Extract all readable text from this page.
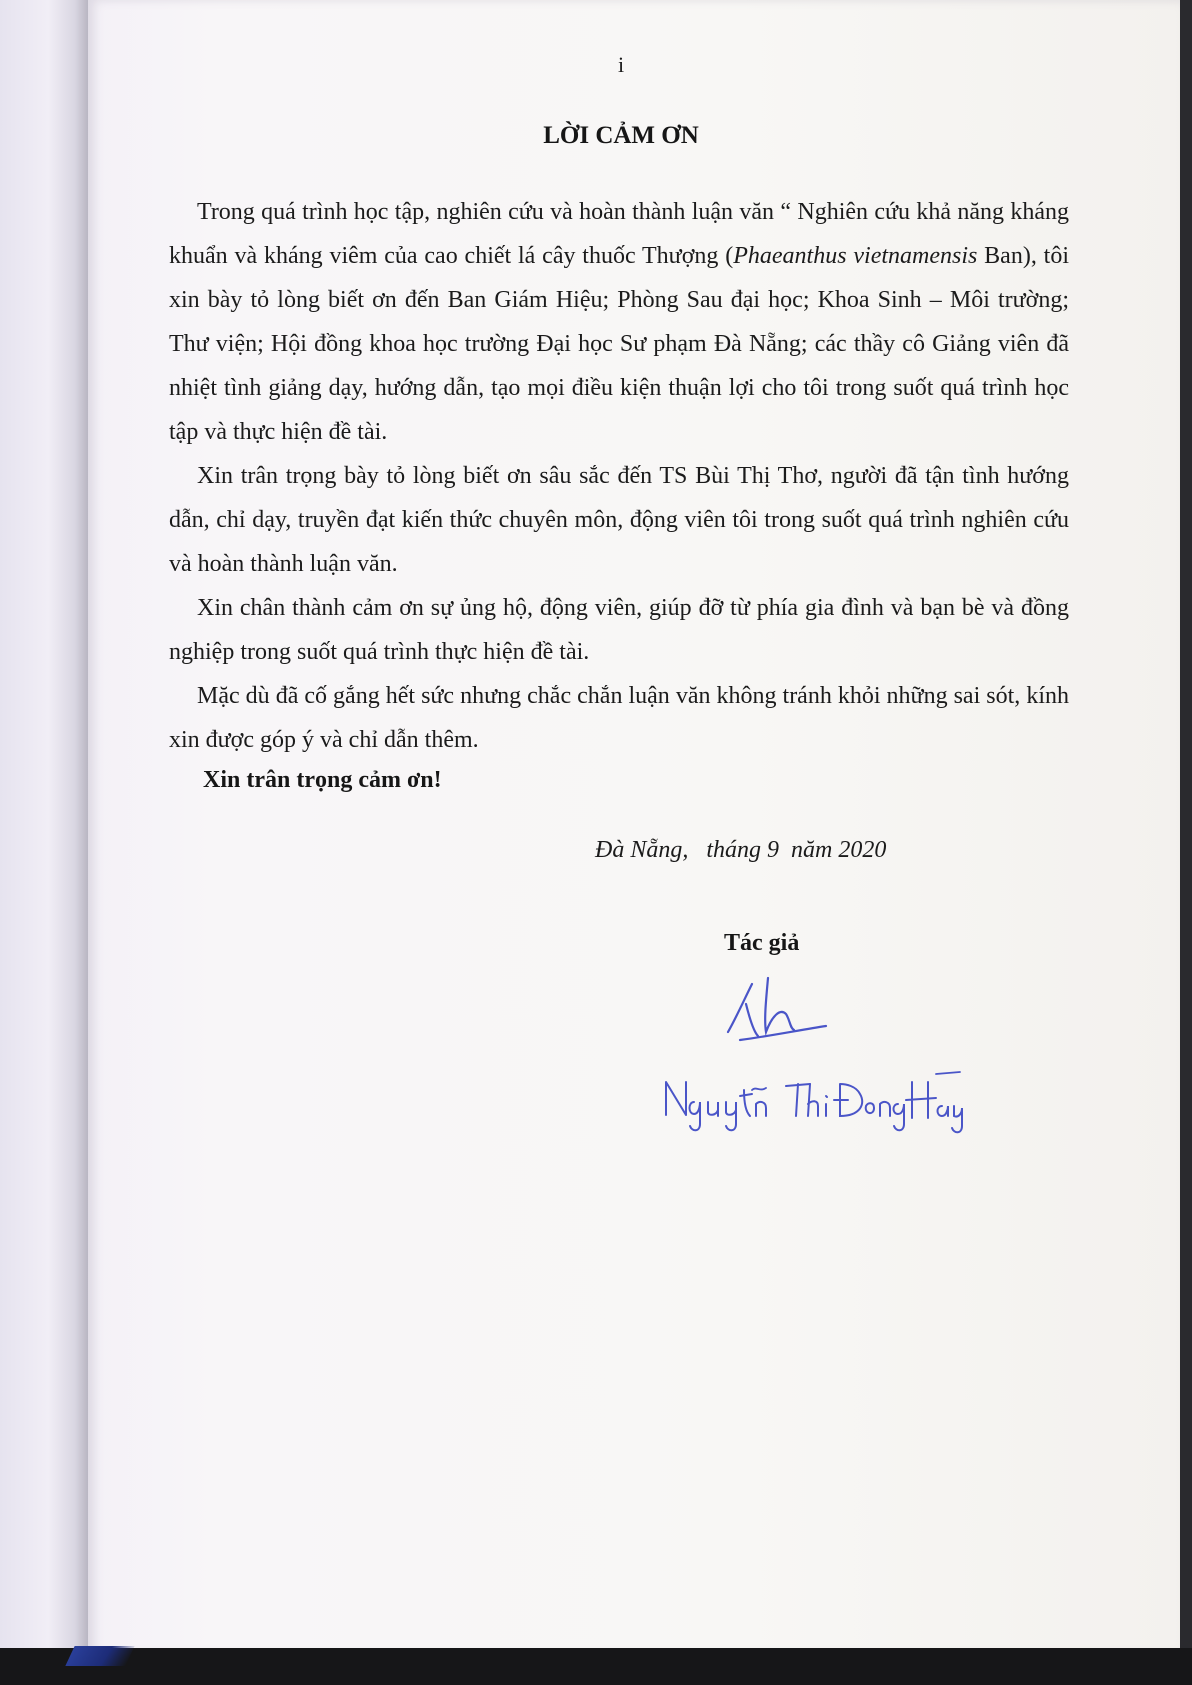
i
LỜI CẢM ƠN

Trong quá trình học tập, nghiên cứu và hoàn thành luận văn “ Nghiên cứu khả năng kháng khuẩn và kháng viêm của cao chiết lá cây thuốc Thượng (Phaeanthus vietnamensis Ban), tôi xin bày tỏ lòng biết ơn đến Ban Giám Hiệu; Phòng Sau đại học; Khoa Sinh – Môi trường; Thư viện; Hội đồng khoa học trường Đại học Sư phạm Đà Nẵng; các thầy cô Giảng viên đã nhiệt tình giảng dạy, hướng dẫn, tạo mọi điều kiện thuận lợi cho tôi trong suốt quá trình học tập và thực hiện đề tài.

Xin trân trọng bày tỏ lòng biết ơn sâu sắc đến TS Bùi Thị Thơ, người đã tận tình hướng dẫn, chỉ dạy, truyền đạt kiến thức chuyên môn, động viên tôi trong suốt quá trình nghiên cứu và hoàn thành luận văn.

Xin chân thành cảm ơn sự ủng hộ, động viên, giúp đỡ từ phía gia đình và bạn bè và đồng nghiệp trong suốt quá trình thực hiện đề tài.

Mặc dù đã cố gắng hết sức nhưng chắc chắn luận văn không tránh khỏi những sai sót, kính xin được góp ý và chỉ dẫn thêm.

Xin trân trọng cảm ơn!
Đà Nẵng,   tháng 9  năm 2020
Tác giả
